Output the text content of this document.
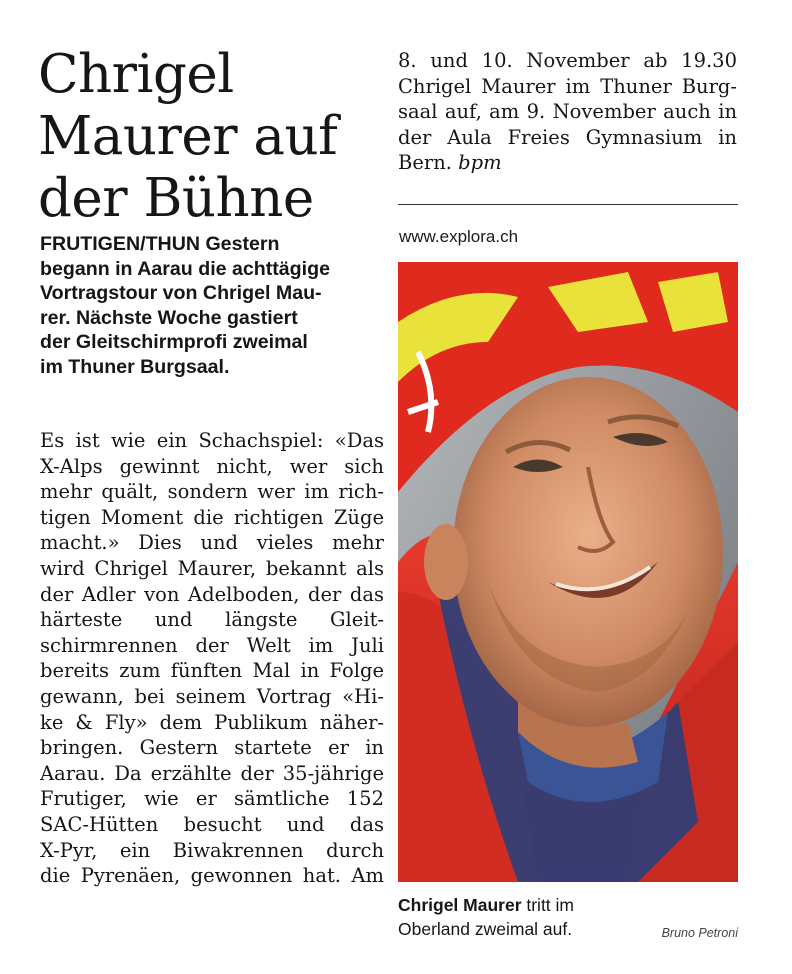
Chrigel
Maurer auf
der Bühne

FRUTIGEN/THUN Gestern
begann in Aarau die achttägige
Vortragstour von Chrigel Mau-
rer. Nächste Woche gastiert
der Gleitschirmprofi zweimal
im Thuner Burgsaal.

Es ist wie ein Schachspiel: «Das
X-Alps gewinnt nicht, wer sich
mehr quält, sondern wer im rich-
tigen Moment die richtigen Züge
macht.» Dies und vieles mehr
wird Chrigel Maurer, bekannt als
der Adler von Adelboden, der das
härteste und längste Gleit-
schirmrennen der Welt im Juli
bereits zum fünften Mal in Folge
gewann, bei seinem Vortrag «Hi-
ke & Fly» dem Publikum näher-
bringen. Gestern startete er in
Aarau. Da erzählte der 35-jährige
Frutiger, wie er sämtliche 152
SAC-Hütten besucht und das
X-Pyr, ein Biwakrennen durch
die Pyrenäen, gewonnen hat. Am
8. und 10. November ab 19.30
Chrigel Maurer im Thuner Burg-
saal auf, am 9. November auch in
der Aula Freies Gymnasium in
Bern. bpm
www.explora.ch
Chrigel Maurer tritt im
Oberland zweimal auf.	Bruno Petroni
